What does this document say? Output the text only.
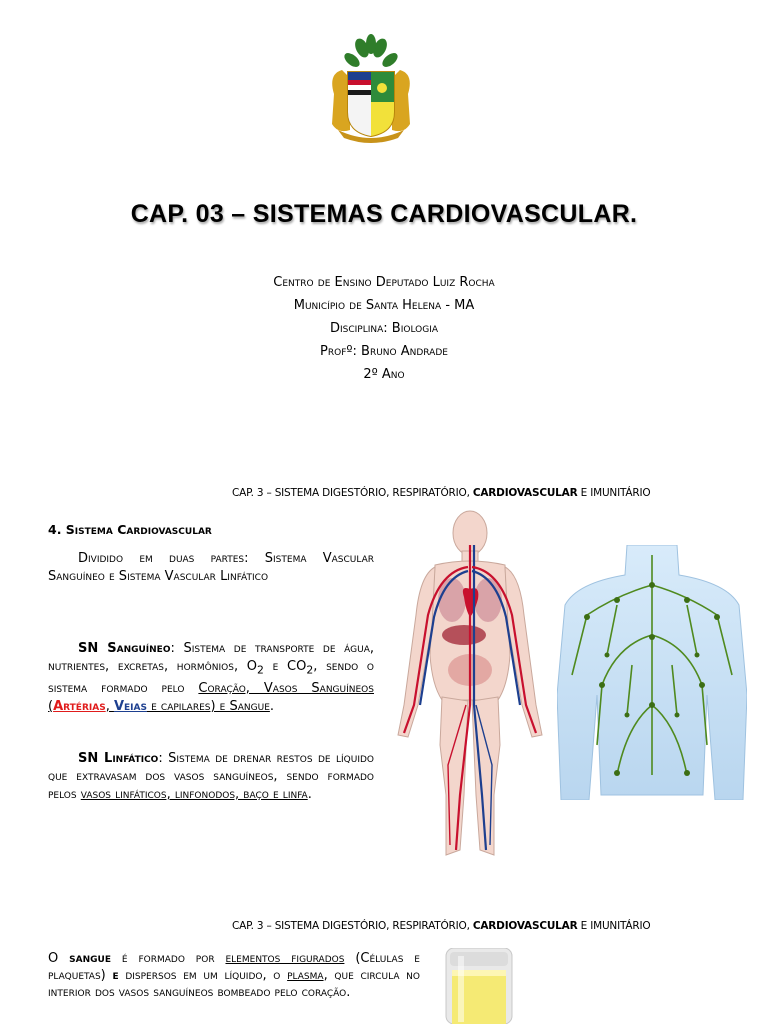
CAP. 03 – SISTEMAS CARDIOVASCULAR.
Centro de Ensino Deputado Luiz Rocha
Município de Santa Helena - MA
Disciplina: Biologia
Profº: Bruno Andrade
2º Ano
CAP. 3 – SISTEMA DIGESTÓRIO, RESPIRATÓRIO, CARDIOVASCULAR E IMUNITÁRIO
4. Sistema Cardiovascular
Dividido em duas partes: Sistema Vascular Sanguíneo e Sistema Vascular Linfático
SN Sanguíneo: Sistema de transporte de água, nutrientes, excretas, hormônios, $O_2$ e $CO_2$, sendo o sistema formado pelo Coração, Vasos Sanguíneos (Artérias, Veias e capilares) e Sangue.
SN Linfático: Sistema de drenar restos de líquido que extravasam dos vasos sanguíneos, sendo formado pelos vasos linfáticos, linfonodos, baço e linfa.
CAP. 3 – SISTEMA DIGESTÓRIO, RESPIRATÓRIO, CARDIOVASCULAR E IMUNITÁRIO
O sangue é formado por elementos figurados (Células e plaquetas) e dispersos em um líquido, o plasma, que circula no interior dos vasos sanguíneos bombeado pelo coração.
